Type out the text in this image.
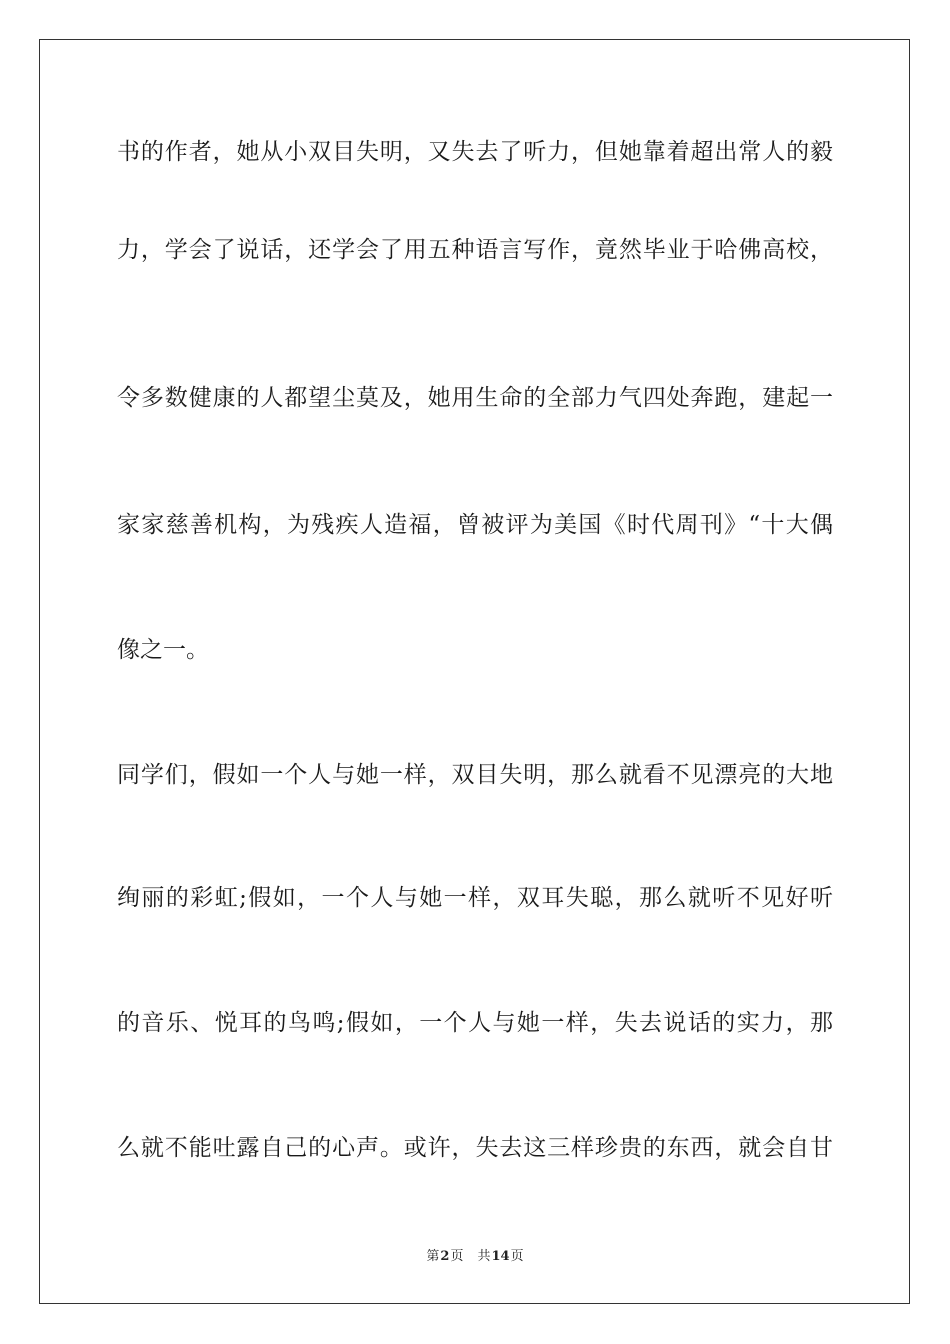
书的作者，她从小双目失明，又失去了听力，但她靠着超出常人的毅
力，学会了说话，还学会了用五种语言写作，竟然毕业于哈佛高校，
令多数健康的人都望尘莫及，她用生命的全部力气四处奔跑，建起一
家家慈善机构，为残疾人造福，曾被评为美国《时代周刊》“十大偶
像之一。
同学们，假如一个人与她一样，双目失明，那么就看不见漂亮的大地
绚丽的彩虹;假如，一个人与她一样，双耳失聪，那么就听不见好听
的音乐、悦耳的鸟鸣;假如，一个人与她一样，失去说话的实力，那
么就不能吐露自己的心声。或许，失去这三样珍贵的东西，就会自甘
第2页 共14页
